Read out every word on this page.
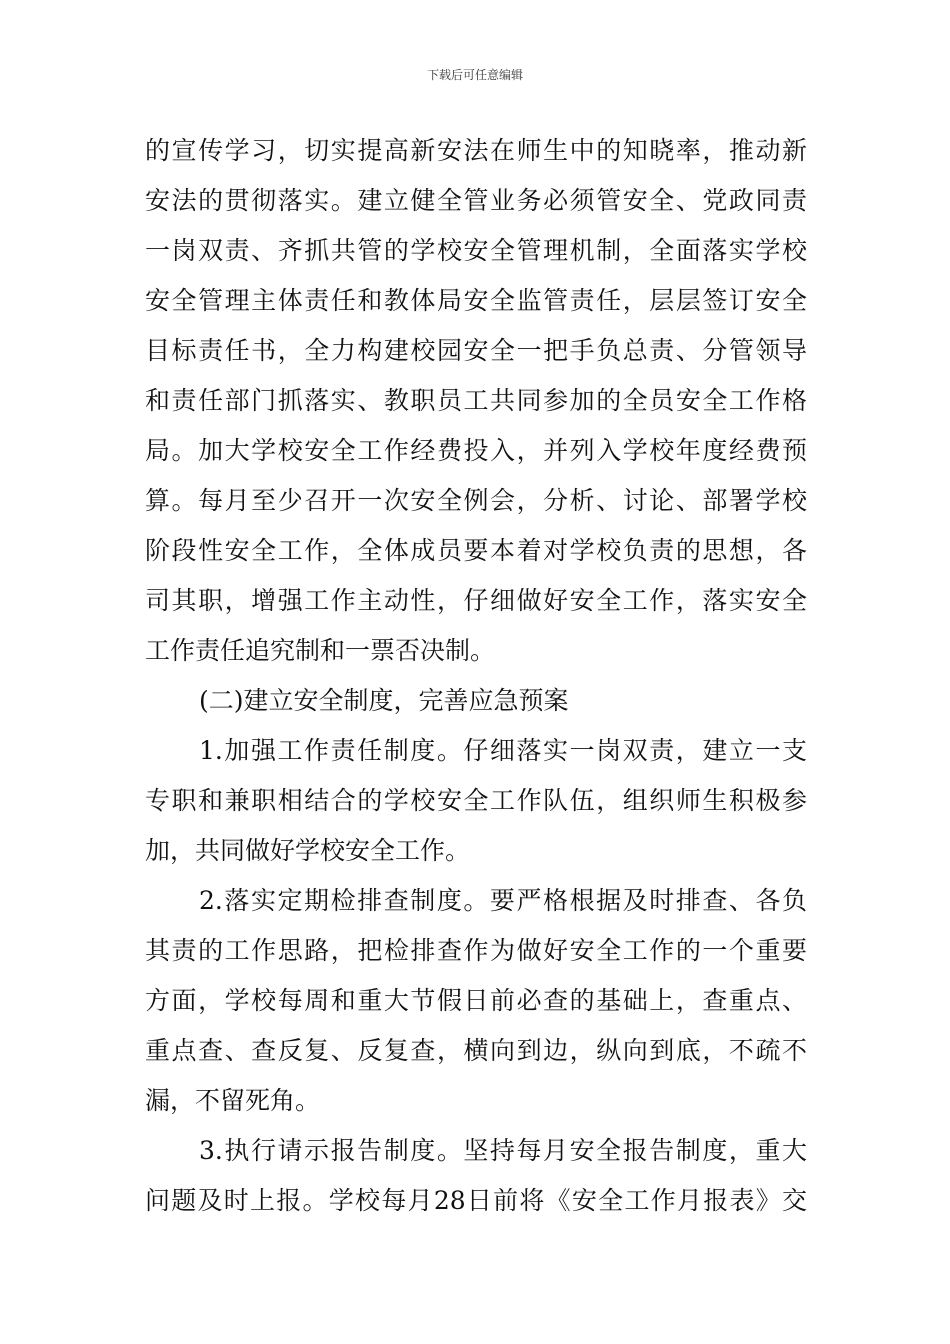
下载后可任意编辑
的宣传学习，切实提高新安法在师生中的知晓率，推动新
安法的贯彻落实。建立健全管业务必须管安全、党政同责
一岗双责、齐抓共管的学校安全管理机制，全面落实学校
安全管理主体责任和教体局安全监管责任，层层签订安全
目标责任书，全力构建校园安全一把手负总责、分管领导
和责任部门抓落实、教职员工共同参加的全员安全工作格
局。加大学校安全工作经费投入，并列入学校年度经费预
算。每月至少召开一次安全例会，分析、讨论、部署学校
阶段性安全工作，全体成员要本着对学校负责的思想，各
司其职，增强工作主动性，仔细做好安全工作，落实安全
工作责任追究制和一票否决制。
(二)建立安全制度，完善应急预案
1.加强工作责任制度。仔细落实一岗双责，建立一支
专职和兼职相结合的学校安全工作队伍，组织师生积极参
加，共同做好学校安全工作。
2.落实定期检排查制度。要严格根据及时排查、各负
其责的工作思路，把检排查作为做好安全工作的一个重要
方面，学校每周和重大节假日前必查的基础上，查重点、
重点查、查反复、反复查，横向到边，纵向到底，不疏不
漏，不留死角。
3.执行请示报告制度。坚持每月安全报告制度，重大
问题及时上报。学校每月28日前将《安全工作月报表》交
